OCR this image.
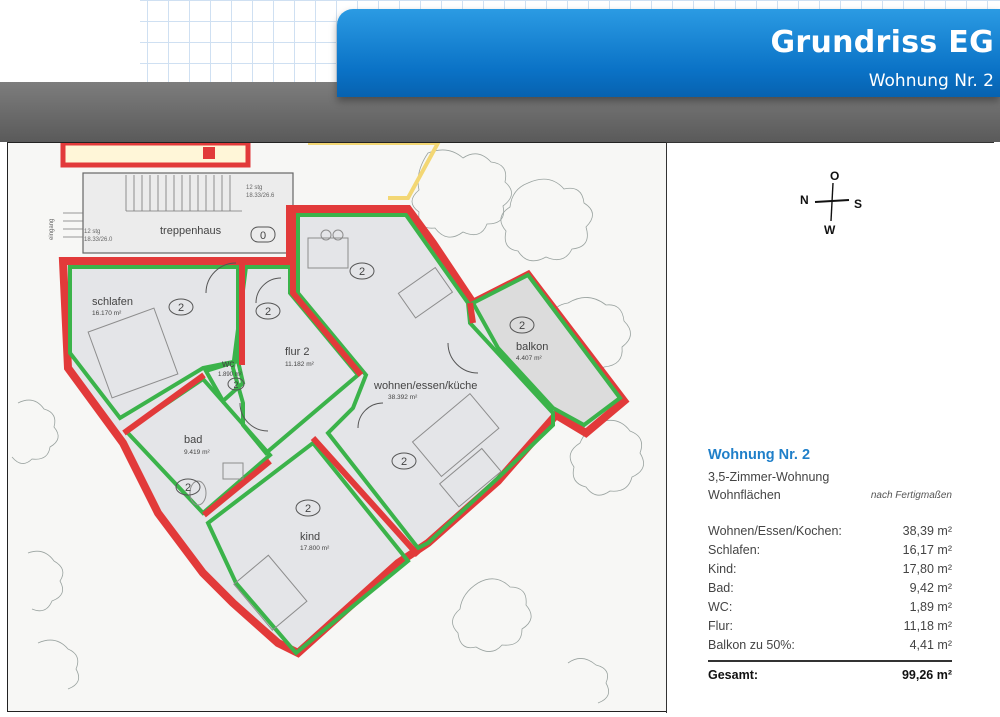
Grundriss EG
Wohnung Nr. 2
treppenhaus	0
12 stg
18.33/26.6
12 stg
18.33/26.0
eingang
schlafen
16.170 m²
flur 2
11.182 m²
wc
1.890 m²
wohnen/essen/küche
38.392 m²
balkon
4.407 m²
bad
9.419 m²
kind
17.800 m²
2	2
2
2
2
2
2
2
O
N	S
W
Wohnung Nr. 2
3,5-Zimmer-Wohnung
Wohnflächen	nach Fertigmaßen
Wohnen/Essen/Kochen:	38,39 m²
Schlafen:	16,17 m²
Kind:	17,80 m²
Bad:	9,42 m²
WC:	1,89 m²
Flur:	11,18 m²
Balkon zu 50%:	4,41 m²
Gesamt:	99,26 m²
